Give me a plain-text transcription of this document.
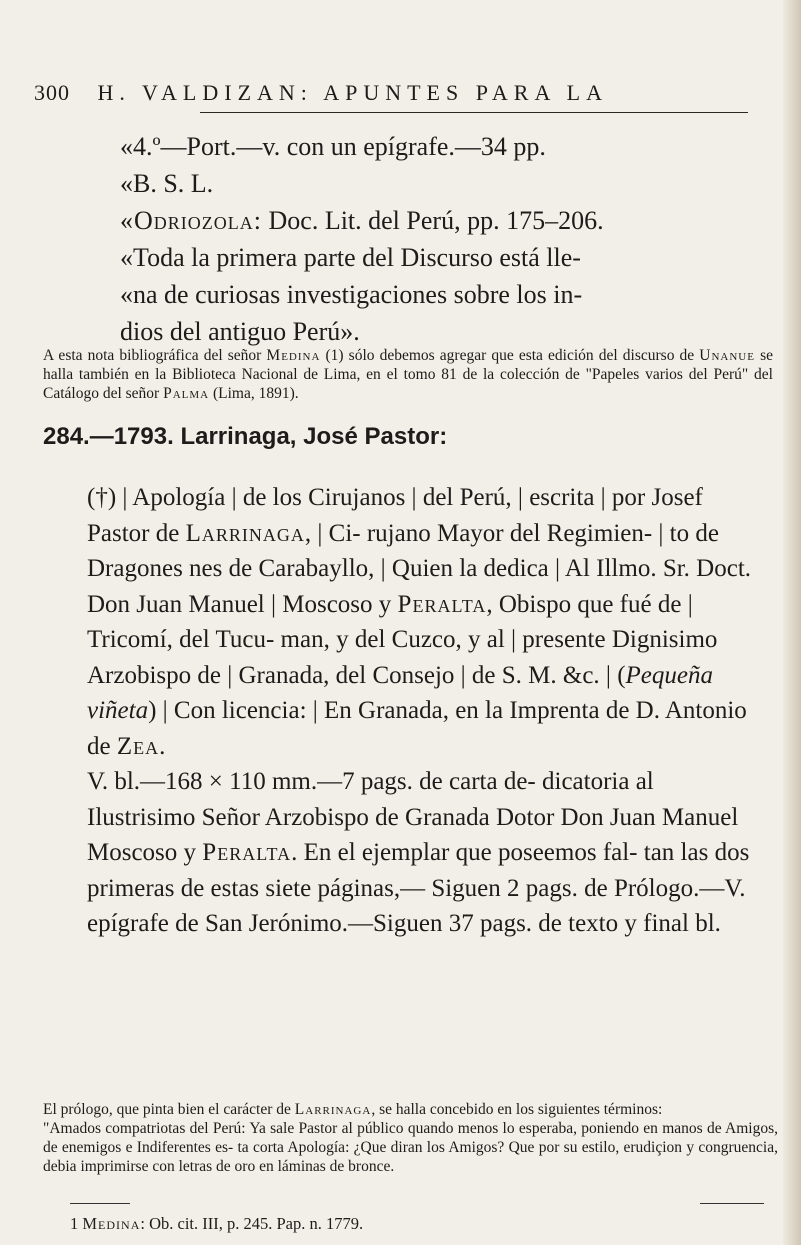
300 H. VALDIZAN: APUNTES PARA LA

«4.º—Port.—v. con un epígrafe.—34 pp.

«B. S. L.

«Odriozola: Doc. Lit. del Perú, pp. 175–206.

«Toda la primera parte del Discurso está lle-

«na de curiosas investigaciones sobre los in-

dios del antiguo Perú».

A esta nota bibliográfica del señor Medina (1) sólo debemos agregar que esta edición del discurso de Unanue se halla también en la Biblioteca Nacional de Lima, en el tomo 81 de la colección de "Papeles varios del Perú" del Catálogo del señor Palma (Lima, 1891).

284.—1793. Larrinaga, José Pastor:

(†) | Apología | de los Cirujanos | del Perú, | escrita | por Josef Pastor de Larrinaga, | Ci- rujano Mayor del Regimien- | to de Dragones nes de Carabayllo, | Quien la dedica | Al Illmo. Sr. Doct. Don Juan Manuel | Moscoso y Peralta, Obispo que fué de | Tricomí, del Tucu- man, y del Cuzco, y al | presente Dignisimo Arzobispo de | Granada, del Consejo | de S. M. &c. | (Pequeña viñeta) | Con licencia: | En Granada, en la Imprenta de D. Antonio de Zea.

V. bl.—168 × 110 mm.—7 pags. de carta de- dicatoria al Ilustrisimo Señor Arzobispo de Granada Dotor Don Juan Manuel Moscoso y Peralta. En el ejemplar que poseemos fal- tan las dos primeras de estas siete páginas,— Siguen 2 pags. de Prólogo.—V. epígrafe de San Jerónimo.—Siguen 37 pags. de texto y final bl.

El prólogo, que pinta bien el carácter de Larrinaga, se halla concebido en los siguientes términos:

"Amados compatriotas del Perú: Ya sale Pastor al público quando menos lo esperaba, poniendo en manos de Amigos, de enemigos e Indiferentes es- ta corta Apología: ¿Que diran los Amigos? Que por su estilo, erudiçion y congruencia, debia imprimirse con letras de oro en láminas de bronce.

1 Medina: Ob. cit. III, p. 245. Pap. n. 1779.
